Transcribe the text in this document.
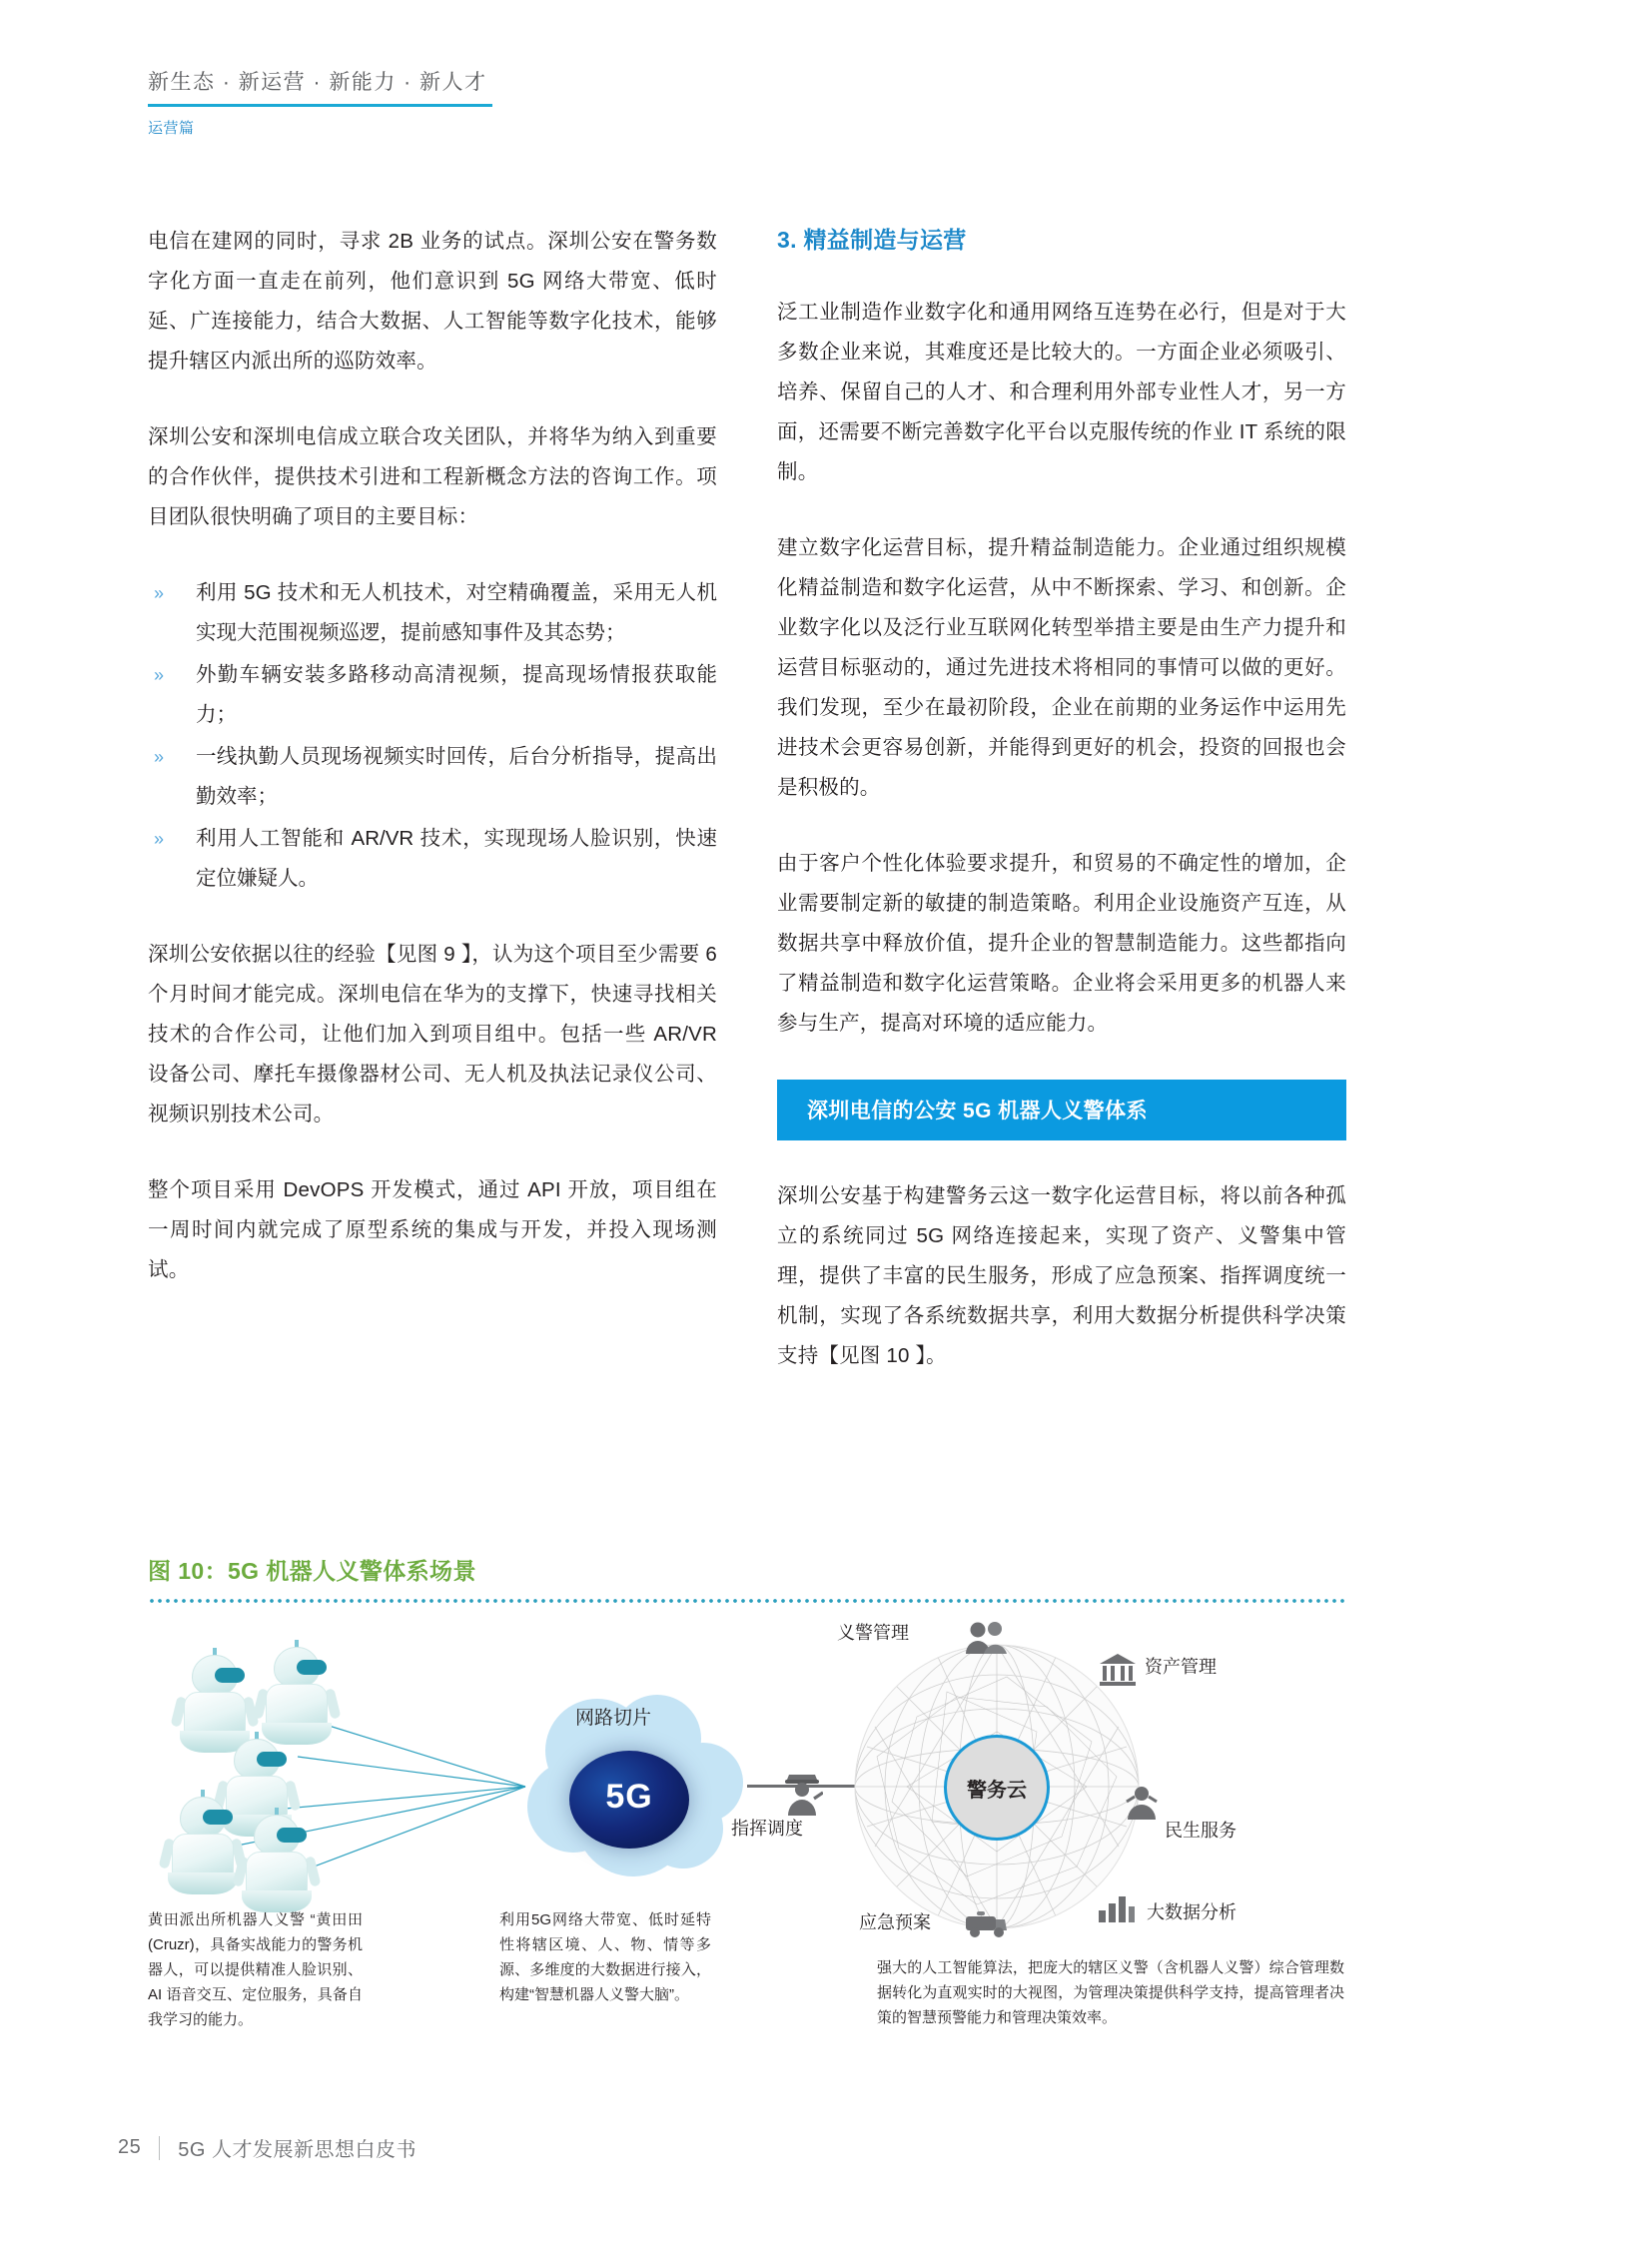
新生态 · 新运营 · 新能力 · 新人才
运营篇

电信在建网的同时，寻求 2B 业务的试点。深圳公安在警务数字化方面一直走在前列，他们意识到 5G 网络大带宽、低时延、广连接能力，结合大数据、人工智能等数字化技术，能够提升辖区内派出所的巡防效率。

深圳公安和深圳电信成立联合攻关团队，并将华为纳入到重要的合作伙伴，提供技术引进和工程新概念方法的咨询工作。项目团队很快明确了项目的主要目标：

» 利用 5G 技术和无人机技术，对空精确覆盖，采用无人机实现大范围视频巡逻，提前感知事件及其态势；
» 外勤车辆安装多路移动高清视频，提高现场情报获取能力；
» 一线执勤人员现场视频实时回传，后台分析指导，提高出勤效率；
» 利用人工智能和 AR/VR 技术，实现现场人脸识别，快速定位嫌疑人。

深圳公安依据以往的经验【见图 9 】，认为这个项目至少需要 6 个月时间才能完成。深圳电信在华为的支撑下，快速寻找相关技术的合作公司，让他们加入到项目组中。包括一些 AR/VR 设备公司、摩托车摄像器材公司、无人机及执法记录仪公司、视频识别技术公司。

整个项目采用 DevOPS 开发模式，通过 API 开放，项目组在一周时间内就完成了原型系统的集成与开发，并投入现场测试。

3. 精益制造与运营

泛工业制造作业数字化和通用网络互连势在必行，但是对于大多数企业来说，其难度还是比较大的。一方面企业必须吸引、培养、保留自己的人才、和合理利用外部专业性人才，另一方面，还需要不断完善数字化平台以克服传统的作业 IT 系统的限制。

建立数字化运营目标，提升精益制造能力。企业通过组织规模化精益制造和数字化运营，从中不断探索、学习、和创新。企业数字化以及泛行业互联网化转型举措主要是由生产力提升和运营目标驱动的，通过先进技术将相同的事情可以做的更好。我们发现，至少在最初阶段，企业在前期的业务运作中运用先进技术会更容易创新，并能得到更好的机会，投资的回报也会是积极的。

由于客户个性化体验要求提升，和贸易的不确定性的增加，企业需要制定新的敏捷的制造策略。利用企业设施资产互连，从数据共享中释放价值，提升企业的智慧制造能力。这些都指向了精益制造和数字化运营策略。企业将会采用更多的机器人来参与生产，提高对环境的适应能力。

深圳电信的公安 5G 机器人义警体系

深圳公安基于构建警务云这一数字化运营目标，将以前各种孤立的系统同过 5G 网络连接起来，实现了资产、义警集中管理，提供了丰富的民生服务，形成了应急预案、指挥调度统一机制，实现了各系统数据共享，利用大数据分析提供科学决策支持【见图 10 】。

图 10：5G 机器人义警体系场景
网路切片
5G	警务云
义警管理
资产管理
民生服务
大数据分析
应急预案
指挥调度
黄田派出所机器人义警 “黄田田 (Cruzr)，具备实战能力的警务机器人，可以提供精准人脸识别、AI 语音交互、定位服务，具备自我学习的能力。
利用5G网络大带宽、低时延特性将辖区境、人、物、情等多源、多维度的大数据进行接入，构建“智慧机器人义警大脑”。
强大的人工智能算法，把庞大的辖区义警（含机器人义警）综合管理数据转化为直观实时的大视图，为管理决策提供科学支持，提高管理者决策的智慧预警能力和管理决策效率。
25 5G 人才发展新思想白皮书
